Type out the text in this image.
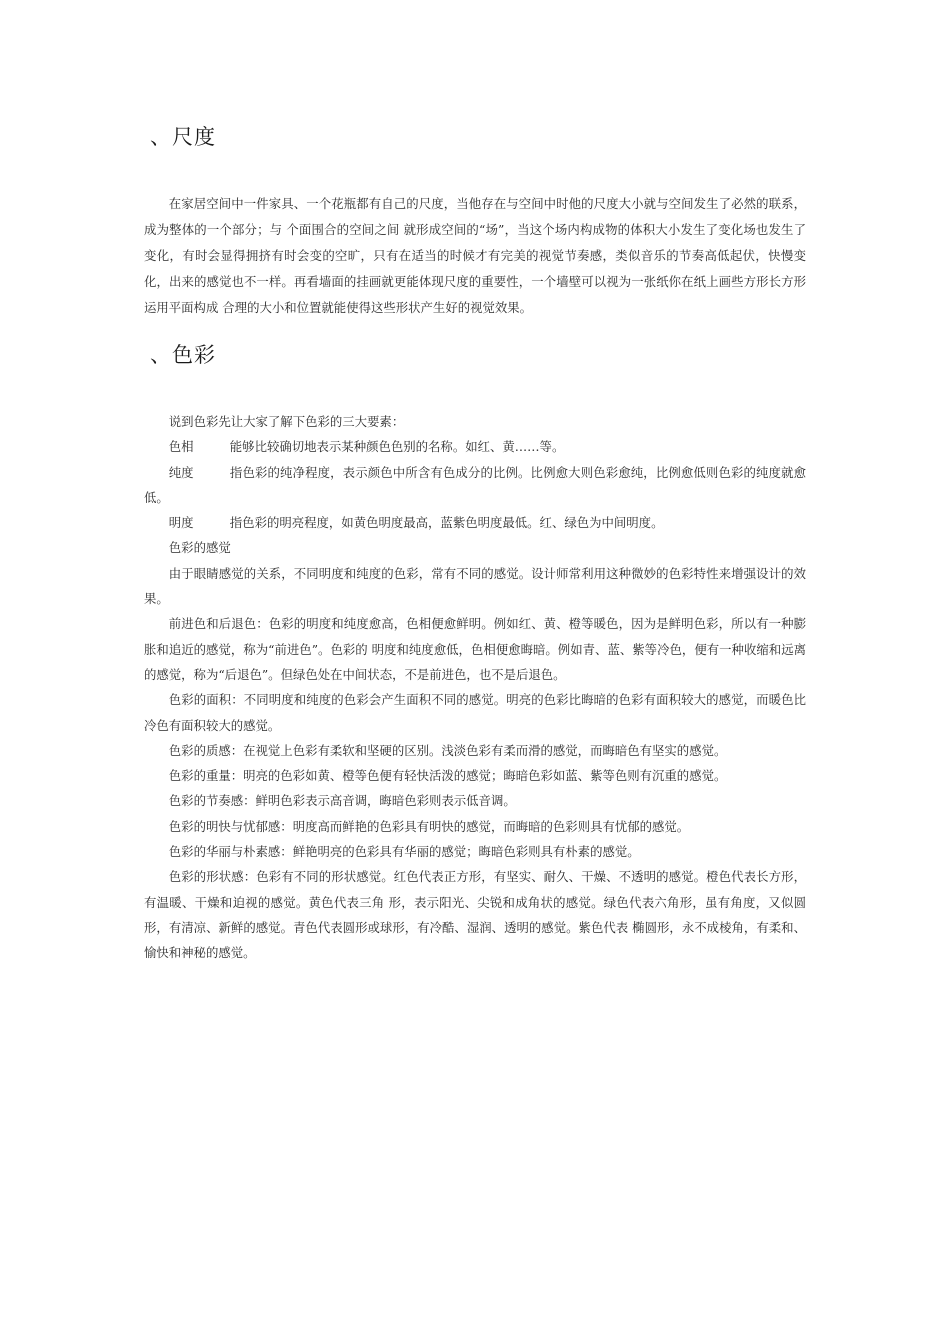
、尺度

在家居空间中一件家具、一个花瓶都有自己的尺度，当他存在与空间中时他的尺度大小就与空间发生了必然的联系，成为整体的一个部分；与 个面围合的空间之间 就形成空间的“场”，当这个场内构成物的体积大小发生了变化场也发生了变化，有时会显得拥挤有时会变的空旷，只有在适当的时候才有完美的视觉节奏感，类似音乐的节奏高低起伏，快慢变化，出来的感觉也不一样。再看墙面的挂画就更能体现尺度的重要性，一个墙壁可以视为一张纸你在纸上画些方形长方形运用平面构成 合理的大小和位置就能使得这些形状产生好的视觉效果。

、色彩

说到色彩先让大家了解下色彩的三大要素：

色相	能够比较确切地表示某种颜色色别的名称。如红、黄……等。

纯度	指色彩的纯净程度，表示颜色中所含有色成分的比例。比例愈大则色彩愈纯，比例愈低则色彩的纯度就愈低。

明度	指色彩的明亮程度，如黄色明度最高，蓝紫色明度最低。红、绿色为中间明度。

色彩的感觉

由于眼睛感觉的关系，不同明度和纯度的色彩，常有不同的感觉。设计师常利用这种微妙的色彩特性来增强设计的效果。

前进色和后退色：色彩的明度和纯度愈高，色相便愈鲜明。例如红、黄、橙等暖色，因为是鲜明色彩，所以有一种膨胀和追近的感觉，称为“前进色”。色彩的 明度和纯度愈低，色相便愈晦暗。例如青、蓝、紫等冷色，便有一种收缩和远离的感觉，称为“后退色”。但绿色处在中间状态，不是前进色，也不是后退色。

色彩的面积：不同明度和纯度的色彩会产生面积不同的感觉。明亮的色彩比晦暗的色彩有面积较大的感觉，而暖色比冷色有面积较大的感觉。

色彩的质感：在视觉上色彩有柔软和坚硬的区别。浅淡色彩有柔而滑的感觉，而晦暗色有坚实的感觉。

色彩的重量：明亮的色彩如黄、橙等色便有轻快活泼的感觉；晦暗色彩如蓝、紫等色则有沉重的感觉。

色彩的节奏感：鲜明色彩表示高音调，晦暗色彩则表示低音调。

色彩的明快与忧郁感：明度高而鲜艳的色彩具有明快的感觉，而晦暗的色彩则具有忧郁的感觉。

色彩的华丽与朴素感：鲜艳明亮的色彩具有华丽的感觉；晦暗色彩则具有朴素的感觉。

色彩的形状感：色彩有不同的形状感觉。红色代表正方形，有坚实、耐久、干燥、不透明的感觉。橙色代表长方形，有温暖、干燥和迫视的感觉。黄色代表三角 形，表示阳光、尖锐和成角状的感觉。绿色代表六角形，虽有角度，又似圆形，有清凉、新鲜的感觉。青色代表圆形或球形，有冷酷、湿润、透明的感觉。紫色代表 椭圆形，永不成棱角，有柔和、愉快和神秘的感觉。
